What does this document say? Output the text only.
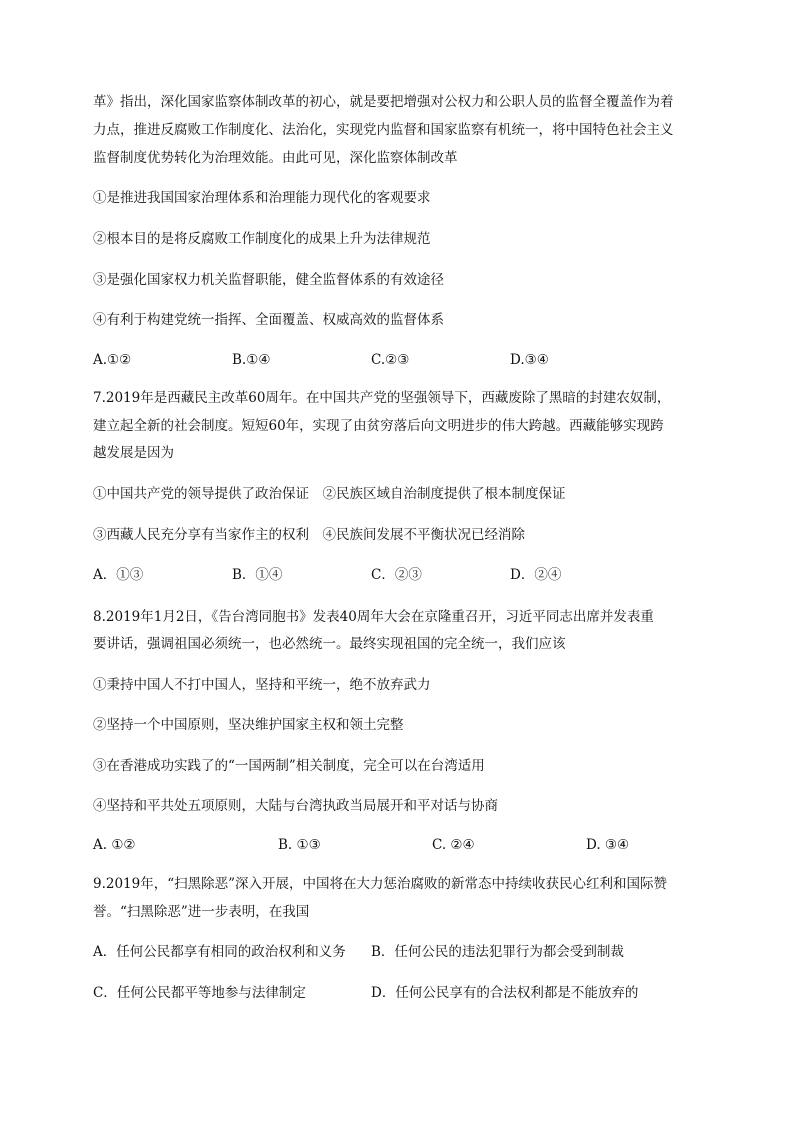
革》指出，深化国家监察体制改革的初心，就是要把增强对公权力和公职人员的监督全覆盖作为着
力点，推进反腐败工作制度化、法治化，实现党内监督和国家监察有机统一，将中国特色社会主义
监督制度优势转化为治理效能。由此可见，深化监察体制改革
①是推进我国国家治理体系和治理能力现代化的客观要求
②根本目的是将反腐败工作制度化的成果上升为法律规范
③是强化国家权力机关监督职能，健全监督体系的有效途径
④有利于构建党统一指挥、全面覆盖、权威高效的监督体系
A.①②	B.①④	C.②③	D.③④
7.2019年是西藏民主改革60周年。在中国共产党的坚强领导下，西藏废除了黑暗的封建农奴制，
建立起全新的社会制度。短短60年，实现了由贫穷落后向文明进步的伟大跨越。西藏能够实现跨
越发展是因为
①中国共产党的领导提供了政治保证　②民族区域自治制度提供了根本制度保证
③西藏人民充分享有当家作主的权利　④民族间发展不平衡状况已经消除
A．①③	B．①④	C．②③	D．②④
8.2019年1月2日，《告台湾同胞书》发表40周年大会在京隆重召开，习近平同志出席并发表重
要讲话，强调祖国必须统一，也必然统一。最终实现祖国的完全统一，我们应该
①秉持中国人不打中国人，坚持和平统一，绝不放弃武力
②坚持一个中国原则，坚决维护国家主权和领土完整
③在香港成功实践了的“一国两制”相关制度，完全可以在台湾适用
④坚持和平共处五项原则，大陆与台湾执政当局展开和平对话与协商
A. ①②	B. ①③	C. ②④	D. ③④
9.2019年，“扫黑除恶”深入开展，中国将在大力惩治腐败的新常态中持续收获民心红利和国际赞
誉。“扫黑除恶”进一步表明，在我国
A．任何公民都享有相同的政治权利和义务 B．任何公民的违法犯罪行为都会受到制裁
C．任何公民都平等地参与法律制定	D．任何公民享有的合法权利都是不能放弃的
